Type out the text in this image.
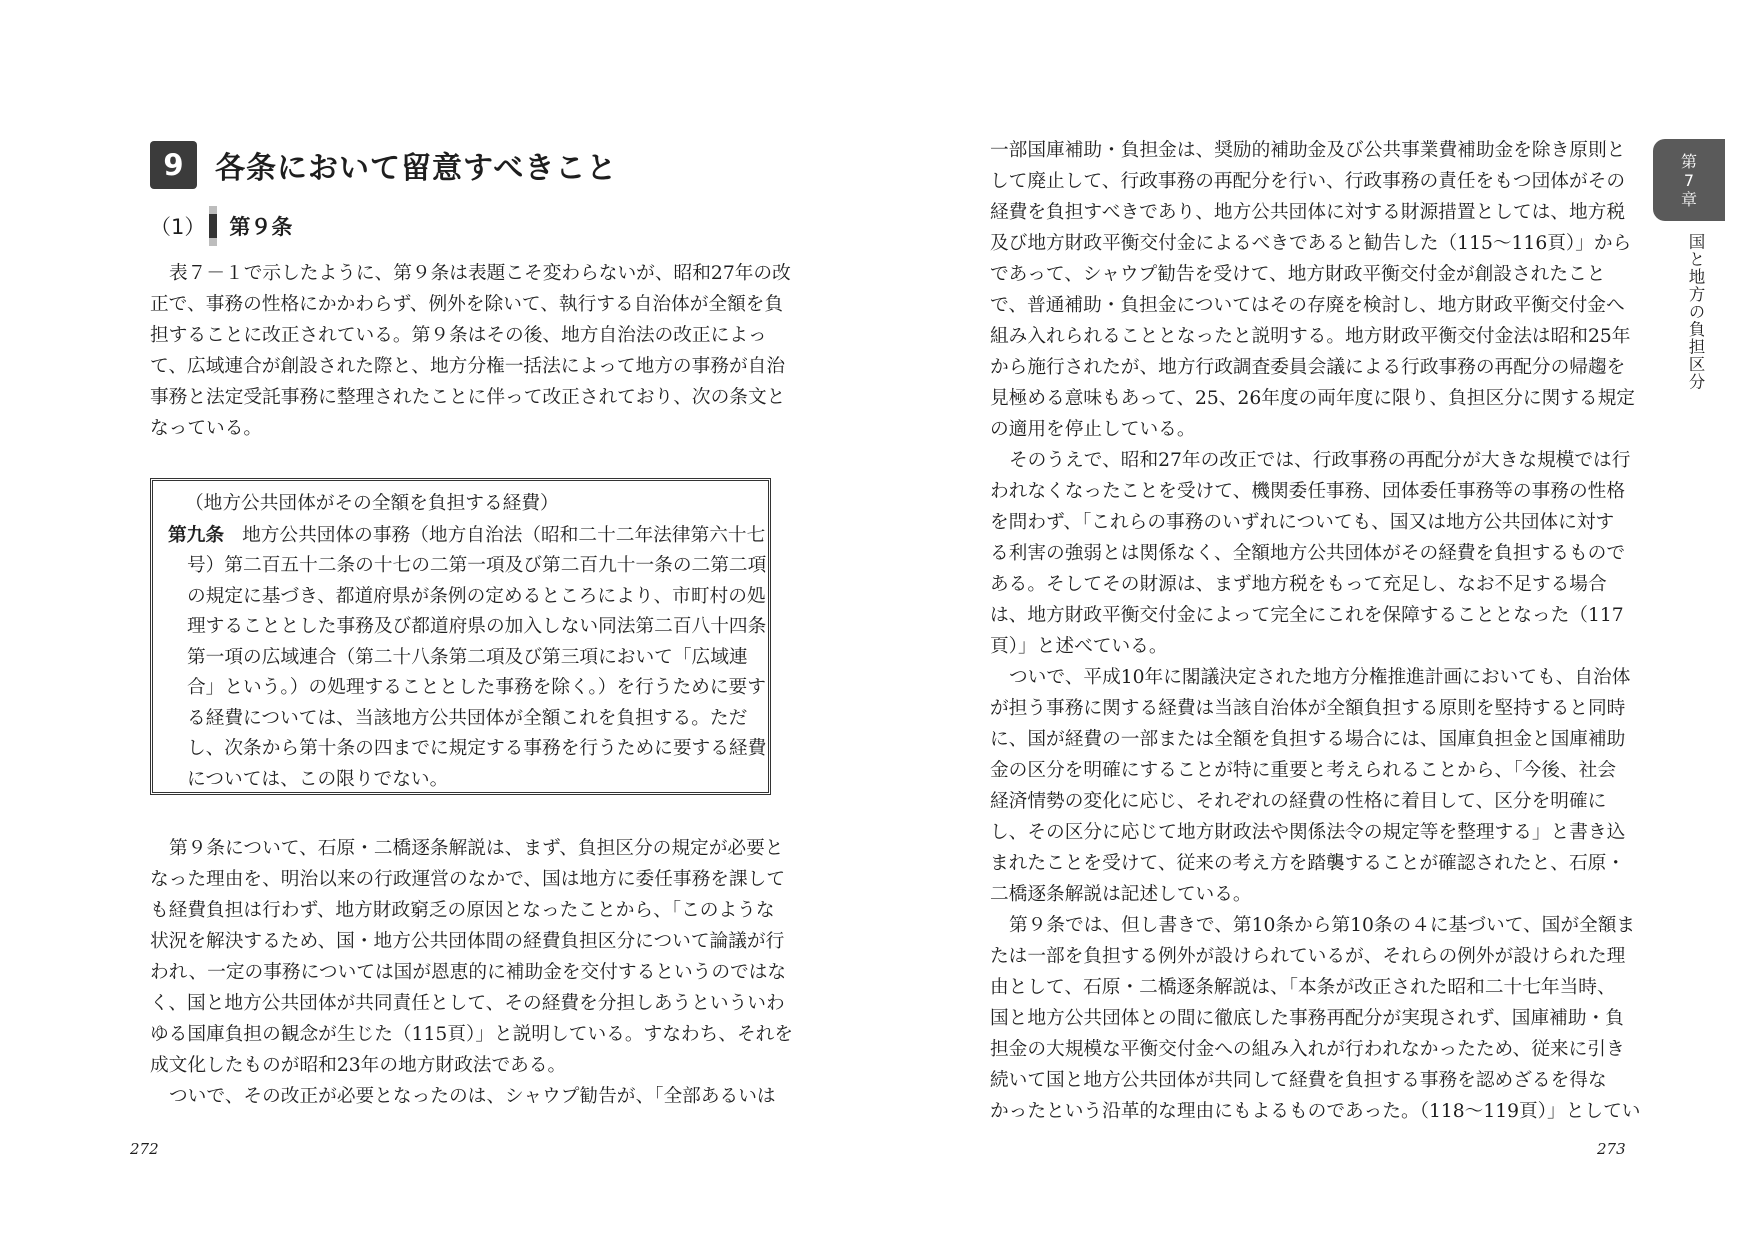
9	各条において留意すべきこと
（1） 第９条
表７－１で示したように、第９条は表題こそ変わらないが、昭和27年の改
正で、事務の性格にかかわらず、例外を除いて、執行する自治体が全額を負
担することに改正されている。第９条はその後、地方自治法の改正によっ
て、広域連合が創設された際と、地方分権一括法によって地方の事務が自治
事務と法定受託事務に整理されたことに伴って改正されており、次の条文と
なっている。
（地方公共団体がその全額を負担する経費）
第九条 地方公共団体の事務（地方自治法（昭和二十二年法律第六十七
号）第二百五十二条の十七の二第一項及び第二百九十一条の二第二項
の規定に基づき、都道府県が条例の定めるところにより、市町村の処
理することとした事務及び都道府県の加入しない同法第二百八十四条
第一項の広域連合（第二十八条第二項及び第三項において「広域連
合」という。）の処理することとした事務を除く。）を行うために要す
る経費については、当該地方公共団体が全額これを負担する。ただ
し、次条から第十条の四までに規定する事務を行うために要する経費
については、この限りでない。
第９条について、石原・二橋逐条解説は、まず、負担区分の規定が必要と
なった理由を、明治以来の行政運営のなかで、国は地方に委任事務を課して
も経費負担は行わず、地方財政窮乏の原因となったことから、「このような
状況を解決するため、国・地方公共団体間の経費負担区分について論議が行
われ、一定の事務については国が恩恵的に補助金を交付するというのではな
く、国と地方公共団体が共同責任として、その経費を分担しあうといういわ
ゆる国庫負担の観念が生じた（115頁）」と説明している。すなわち、それを
成文化したものが昭和23年の地方財政法である。
ついで、その改正が必要となったのは、シャウプ勧告が、「全部あるいは
272
一部国庫補助・負担金は、奨励的補助金及び公共事業費補助金を除き原則と
して廃止して、行政事務の再配分を行い、行政事務の責任をもつ団体がその
経費を負担すべきであり、地方公共団体に対する財源措置としては、地方税
及び地方財政平衡交付金によるべきであると勧告した（115～116頁）」から
であって、シャウプ勧告を受けて、地方財政平衡交付金が創設されたこと
で、普通補助・負担金についてはその存廃を検討し、地方財政平衡交付金へ
組み入れられることとなったと説明する。地方財政平衡交付金法は昭和25年
から施行されたが、地方行政調査委員会議による行政事務の再配分の帰趨を
見極める意味もあって、25、26年度の両年度に限り、負担区分に関する規定
の適用を停止している。
そのうえで、昭和27年の改正では、行政事務の再配分が大きな規模では行
われなくなったことを受けて、機関委任事務、団体委任事務等の事務の性格
を問わず、「これらの事務のいずれについても、国又は地方公共団体に対す
る利害の強弱とは関係なく、全額地方公共団体がその経費を負担するもので
ある。そしてその財源は、まず地方税をもって充足し、なお不足する場合
は、地方財政平衡交付金によって完全にこれを保障することとなった（117
頁）」と述べている。
ついで、平成10年に閣議決定された地方分権推進計画においても、自治体
が担う事務に関する経費は当該自治体が全額負担する原則を堅持すると同時
に、国が経費の一部または全額を負担する場合には、国庫負担金と国庫補助
金の区分を明確にすることが特に重要と考えられることから、「今後、社会
経済情勢の変化に応じ、それぞれの経費の性格に着目して、区分を明確に
し、その区分に応じて地方財政法や関係法令の規定等を整理する」と書き込
まれたことを受けて、従来の考え方を踏襲することが確認されたと、石原・
二橋逐条解説は記述している。
第９条では、但し書きで、第10条から第10条の４に基づいて、国が全額ま
たは一部を負担する例外が設けられているが、それらの例外が設けられた理
由として、石原・二橋逐条解説は、「本条が改正された昭和二十七年当時、
国と地方公共団体との間に徹底した事務再配分が実現されず、国庫補助・負
担金の大規模な平衡交付金への組み入れが行われなかったため、従来に引き
続いて国と地方公共団体が共同して経費を負担する事務を認めざるを得な
かったという沿革的な理由にもよるものであった。（118～119頁）」としてい
第
7
章
国と地方の負担区分
273
